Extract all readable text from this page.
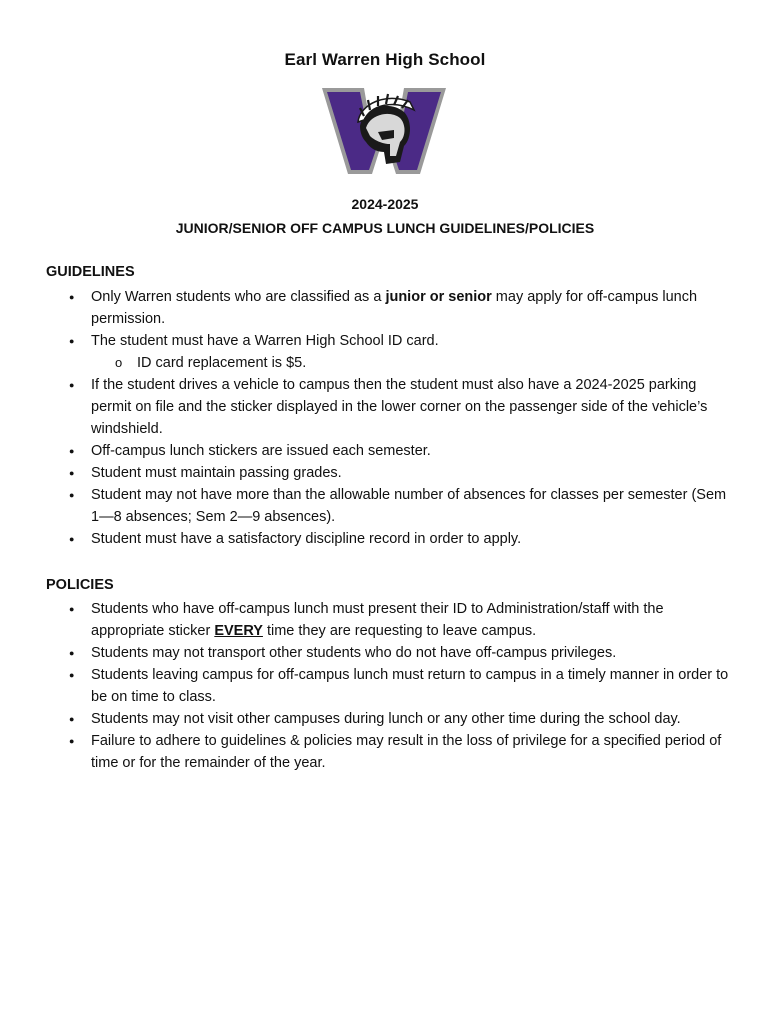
Earl Warren High School
2024-2025
JUNIOR/SENIOR OFF CAMPUS LUNCH GUIDELINES/POLICIES
GUIDELINES
● Only Warren students who are classified as a junior or senior may apply for off-campus lunch permission.
● The student must have a Warren High School ID card.
o ID card replacement is $5.
● If the student drives a vehicle to campus then the student must also have a 2024-2025 parking permit on file and the sticker displayed in the lower corner on the passenger side of the vehicle’s windshield.
● Off-campus lunch stickers are issued each semester.
● Student must maintain passing grades.
● Student may not have more than the allowable number of absences for classes per semester (Sem 1—8 absences; Sem 2—9 absences).
● Student must have a satisfactory discipline record in order to apply.
POLICIES
● Students who have off-campus lunch must present their ID to Administration/staff with the appropriate sticker EVERY time they are requesting to leave campus.
● Students may not transport other students who do not have off-campus privileges.
● Students leaving campus for off-campus lunch must return to campus in a timely manner in order to be on time to class.
● Students may not visit other campuses during lunch or any other time during the school day.
● Failure to adhere to guidelines & policies may result in the loss of privilege for a specified period of time or for the remainder of the year.
